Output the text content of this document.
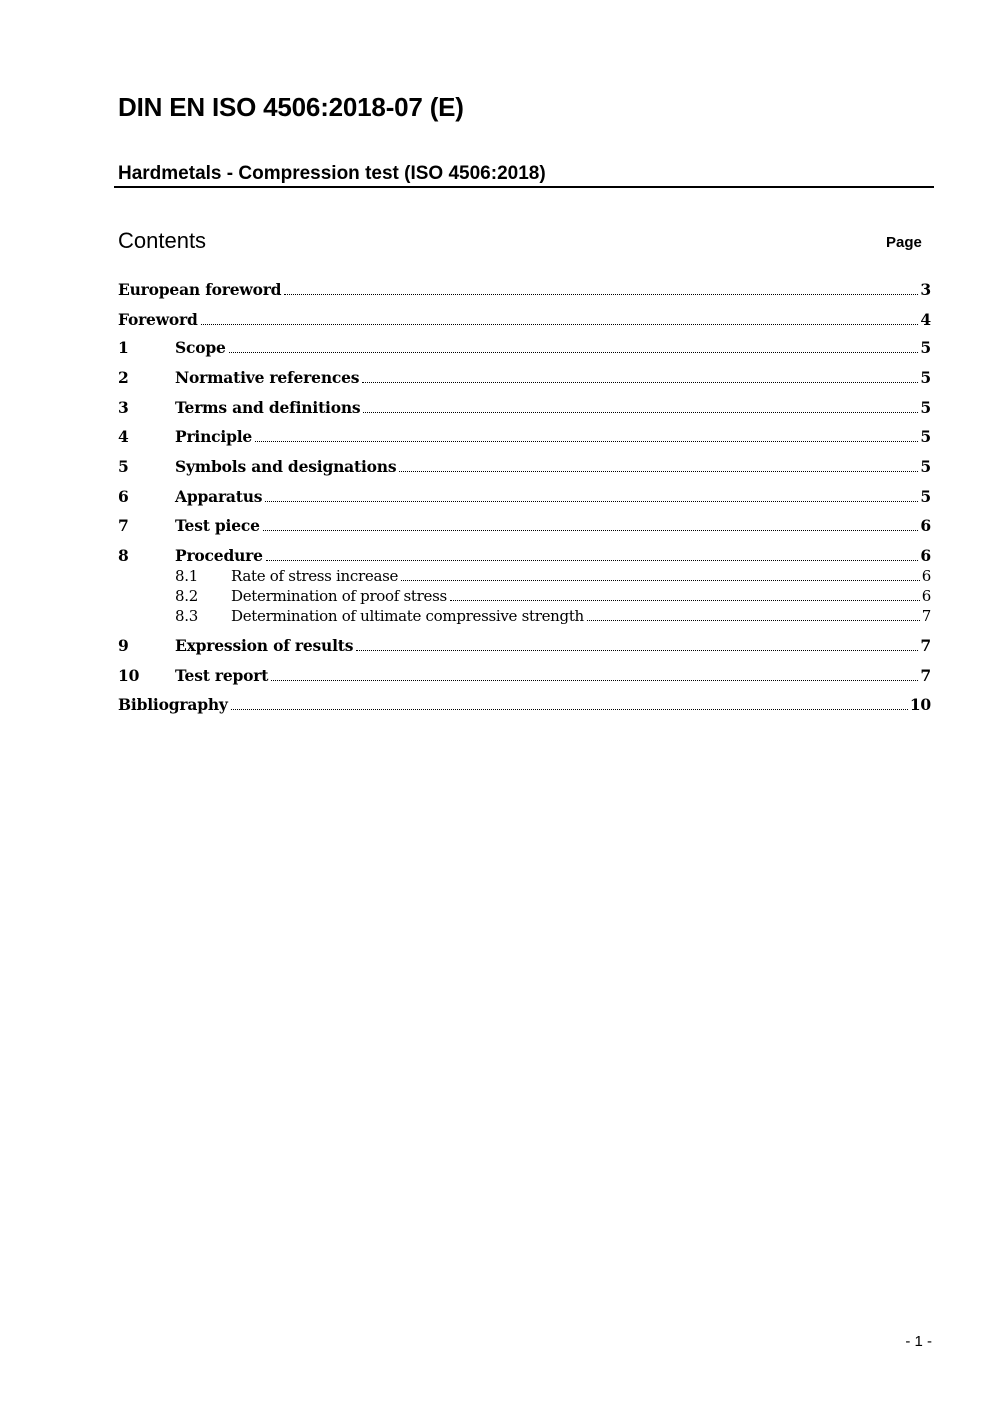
DIN EN ISO 4506:2018-07 (E)
Hardmetals - Compression test (ISO 4506:2018)
Contents	Page
European foreword	3
Foreword	4
1	Scope	5
2	Normative references	5
3	Terms and definitions	5
4	Principle	5
5	Symbols and designations	5
6	Apparatus	5
7	Test piece	6
8	Procedure	6
8.1	Rate of stress increase	6
8.2	Determination of proof stress	6
8.3	Determination of ultimate compressive strength	7
9	Expression of results	7
10	Test report	7
Bibliography	10
- 1 -
